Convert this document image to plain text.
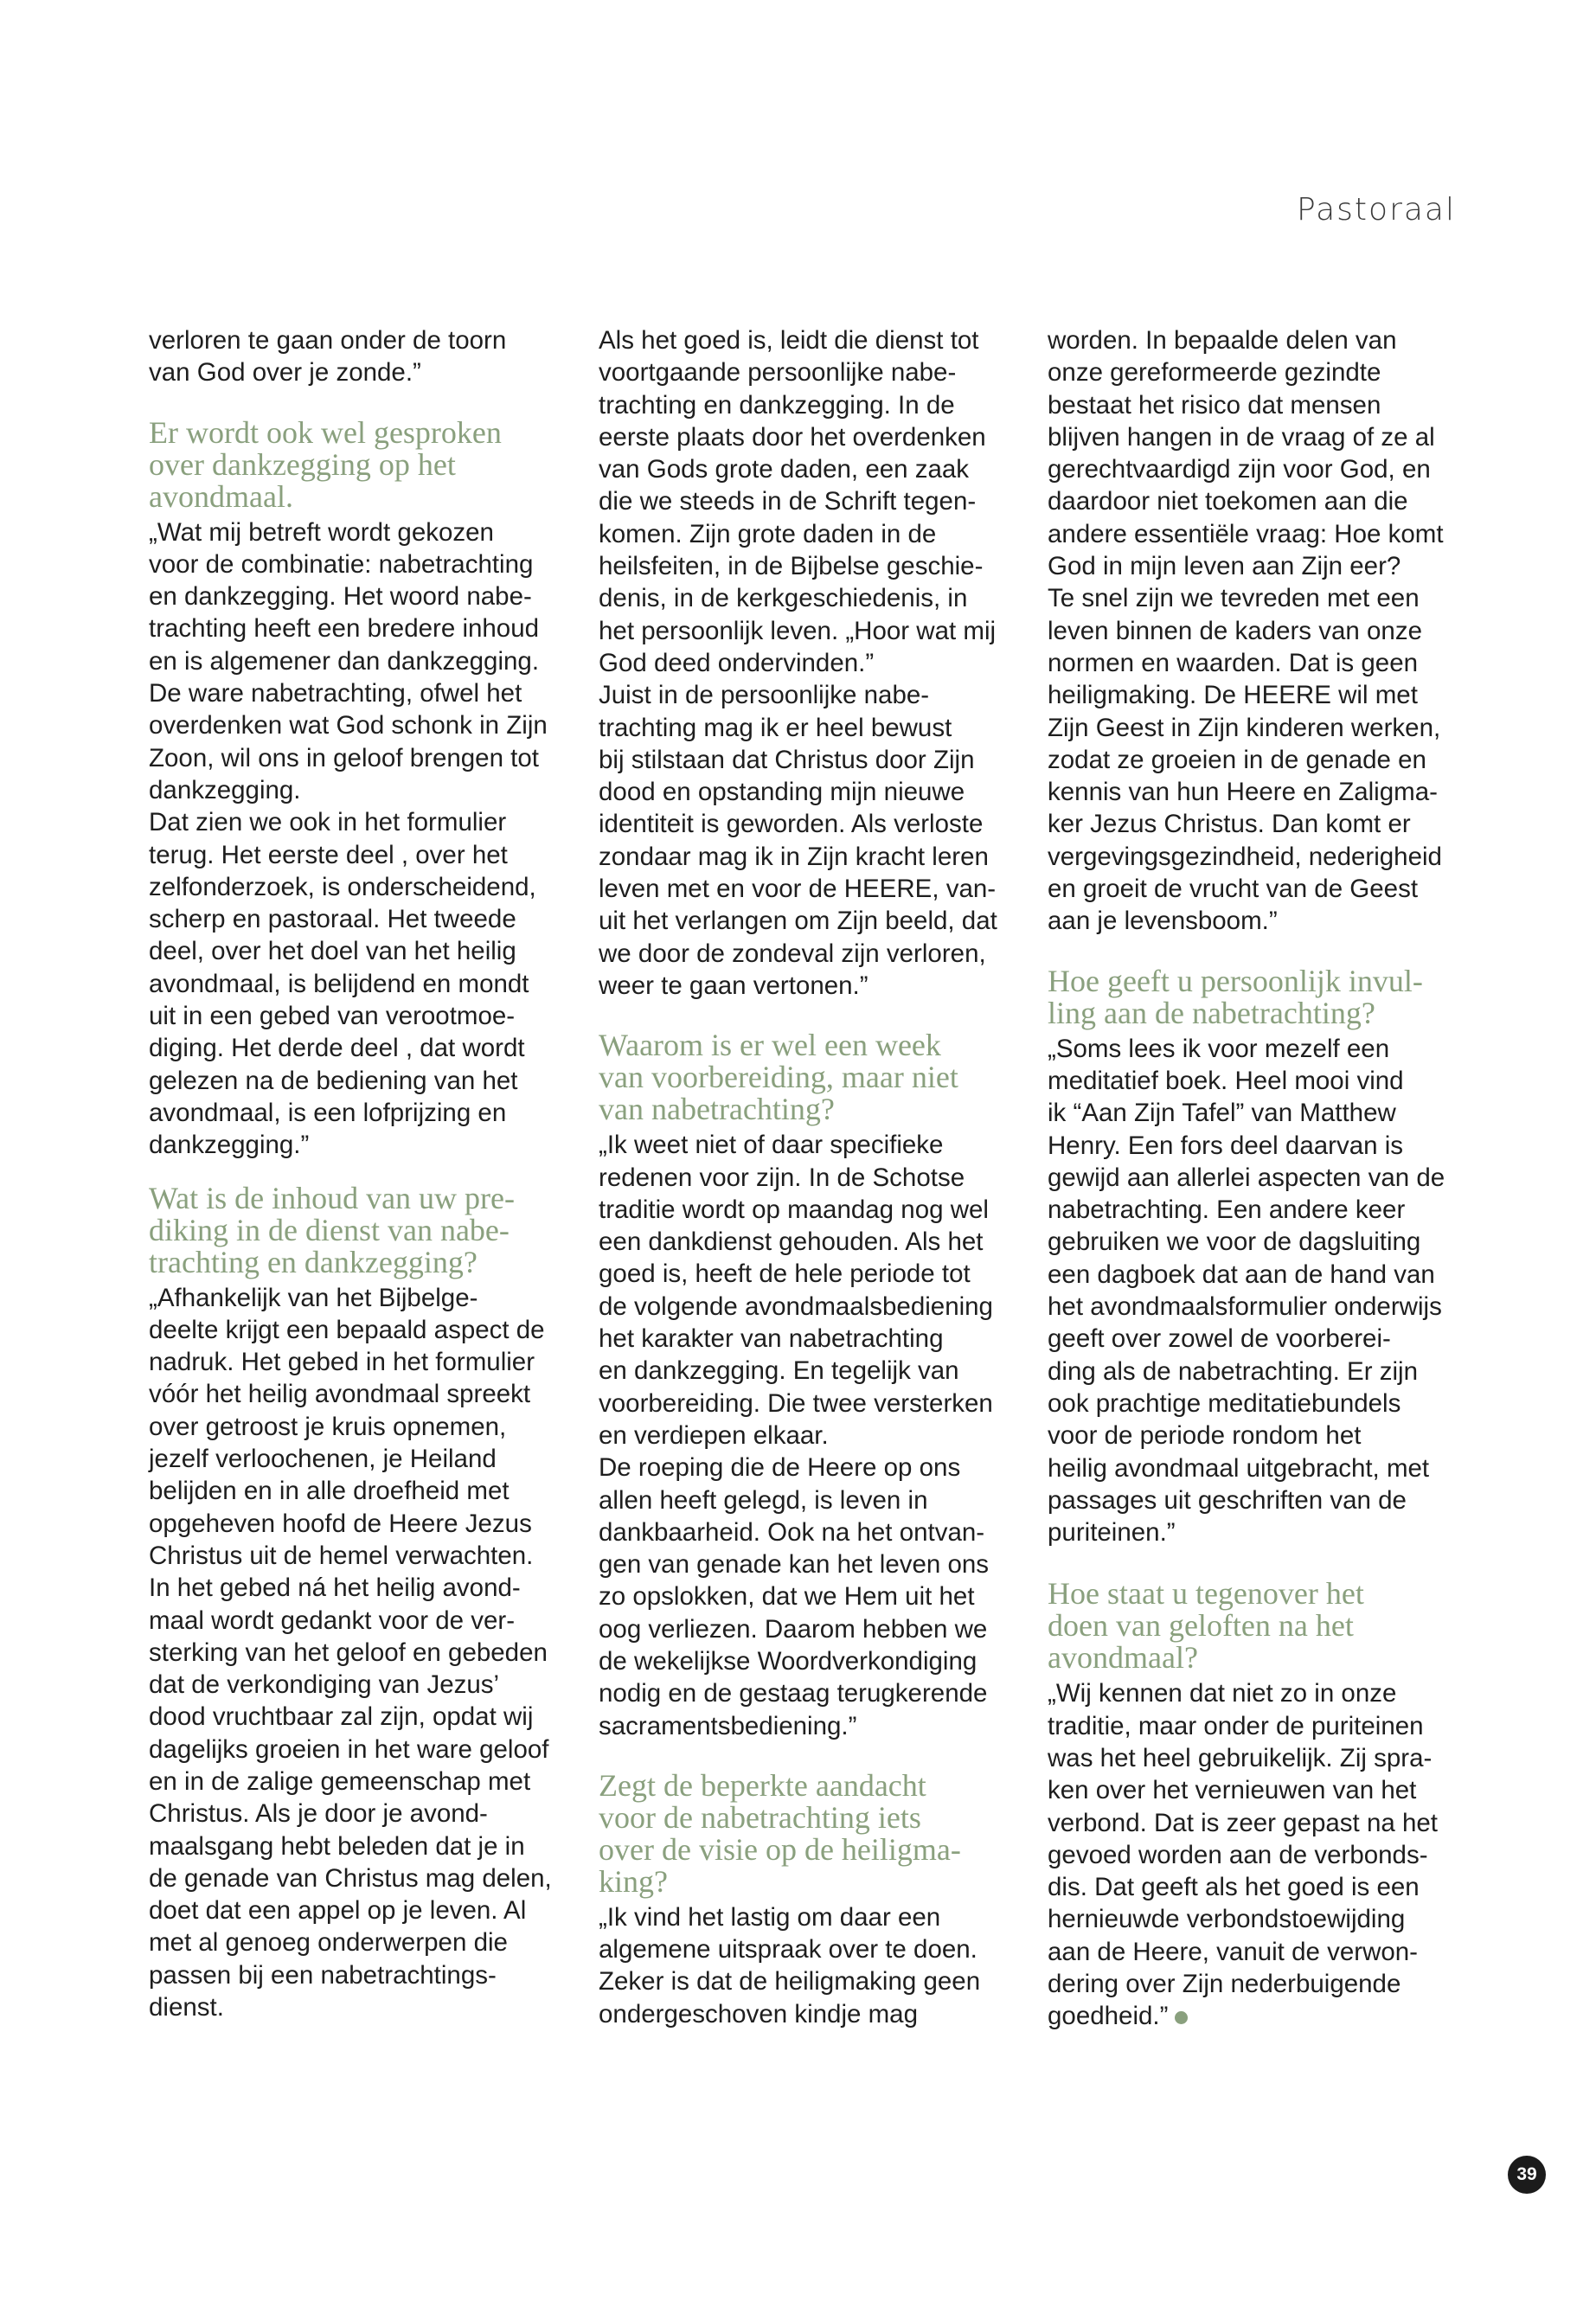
Pastoraal

verloren te gaan onder de toorn
van God over je zonde.”

Er wordt ook wel gesproken
over dankzegging op het
avondmaal.

„Wat mij betreft wordt gekozen
voor de combinatie: nabetrachting
en dankzegging. Het woord nabe-
trachting heeft een bredere inhoud
en is algemener dan dankzegging.
De ware nabetrachting, ofwel het
overdenken wat God schonk in Zijn
Zoon, wil ons in geloof brengen tot
dankzegging.
Dat zien we ook in het formulier
terug. Het eerste deel , over het
zelfonderzoek, is onderscheidend,
scherp en pastoraal. Het tweede
deel, over het doel van het heilig
avondmaal, is belijdend en mondt
uit in een gebed van verootmoe-
diging. Het derde deel , dat wordt
gelezen na de bediening van het
avondmaal, is een lofprijzing en
dankzegging.”

Wat is de inhoud van uw pre-
diking in de dienst van nabe-
trachting en dankzegging?

„Afhankelijk van het Bijbelge-
deelte krijgt een bepaald aspect de
nadruk. Het gebed in het formulier
vóór het heilig avondmaal spreekt
over getroost je kruis opnemen,
jezelf verloochenen, je Heiland
belijden en in alle droefheid met
opgeheven hoofd de Heere Jezus
Christus uit de hemel verwachten.
In het gebed ná het heilig avond-
maal wordt gedankt voor de ver-
sterking van het geloof en gebeden
dat de verkondiging van Jezus’
dood vruchtbaar zal zijn, opdat wij
dagelijks groeien in het ware geloof
en in de zalige gemeenschap met
Christus. Als je door je avond-
maalsgang hebt beleden dat je in
de genade van Christus mag delen,
doet dat een appel op je leven. Al
met al genoeg onderwerpen die
passen bij een nabetrachtings-
dienst.

Als het goed is, leidt die dienst tot
voortgaande persoonlijke nabe-
trachting en dankzegging. In de
eerste plaats door het overdenken
van Gods grote daden, een zaak
die we steeds in de Schrift tegen-
komen. Zijn grote daden in de
heilsfeiten, in de Bijbelse geschie-
denis, in de kerkgeschiedenis, in
het persoonlijk leven. „Hoor wat mij
God deed ondervinden.”
Juist in de persoonlijke nabe-
trachting mag ik er heel bewust
bij stilstaan dat Christus door Zijn
dood en opstanding mijn nieuwe
identiteit is geworden. Als verloste
zondaar mag ik in Zijn kracht leren
leven met en voor de HEERE, van-
uit het verlangen om Zijn beeld, dat
we door de zondeval zijn verloren,
weer te gaan vertonen.”

Waarom is er wel een week
van voorbereiding, maar niet
van nabetrachting?

„Ik weet niet of daar specifieke
redenen voor zijn. In de Schotse
traditie wordt op maandag nog wel
een dankdienst gehouden. Als het
goed is, heeft de hele periode tot
de volgende avondmaalsbediening
het karakter van nabetrachting
en dankzegging. En tegelijk van
voorbereiding. Die twee versterken
en verdiepen elkaar.
De roeping die de Heere op ons
allen heeft gelegd, is leven in
dankbaarheid. Ook na het ontvan-
gen van genade kan het leven ons
zo opslokken, dat we Hem uit het
oog verliezen. Daarom hebben we
de wekelijkse Woordverkondiging
nodig en de gestaag terugkerende
sacramentsbediening.”

Zegt de beperkte aandacht
voor de nabetrachting iets
over de visie op de heiligma-
king?

„Ik vind het lastig om daar een
algemene uitspraak over te doen.
Zeker is dat de heiligmaking geen
ondergeschoven kindje mag

worden. In bepaalde delen van
onze gereformeerde gezindte
bestaat het risico dat mensen
blijven hangen in de vraag of ze al
gerechtvaardigd zijn voor God, en
daardoor niet toekomen aan die
andere essentiële vraag: Hoe komt
God in mijn leven aan Zijn eer?
Te snel zijn we tevreden met een
leven binnen de kaders van onze
normen en waarden. Dat is geen
heiligmaking. De HEERE wil met
Zijn Geest in Zijn kinderen werken,
zodat ze groeien in de genade en
kennis van hun Heere en Zaligma-
ker Jezus Christus. Dan komt er
vergevingsgezindheid, nederigheid
en groeit de vrucht van de Geest
aan je levensboom.”

Hoe geeft u persoonlijk invul-
ling aan de nabetrachting?

„Soms lees ik voor mezelf een
meditatief boek. Heel mooi vind
ik “Aan Zijn Tafel” van Matthew
Henry. Een fors deel daarvan is
gewijd aan allerlei aspecten van de
nabetrachting. Een andere keer
gebruiken we voor de dagsluiting
een dagboek dat aan de hand van
het avondmaalsformulier onderwijs
geeft over zowel de voorberei-
ding als de nabetrachting. Er zijn
ook prachtige meditatiebundels
voor de periode rondom het
heilig avondmaal uitgebracht, met
passages uit geschriften van de
puriteinen.”

Hoe staat u tegenover het
doen van geloften na het
avondmaal?

„Wij kennen dat niet zo in onze
traditie, maar onder de puriteinen
was het heel gebruikelijk. Zij spra-
ken over het vernieuwen van het
verbond. Dat is zeer gepast na het
gevoed worden aan de verbonds-
dis. Dat geeft als het goed is een
hernieuwde verbondstoewijding
aan de Heere, vanuit de verwon-
dering over Zijn nederbuigende
goedheid.”

39
